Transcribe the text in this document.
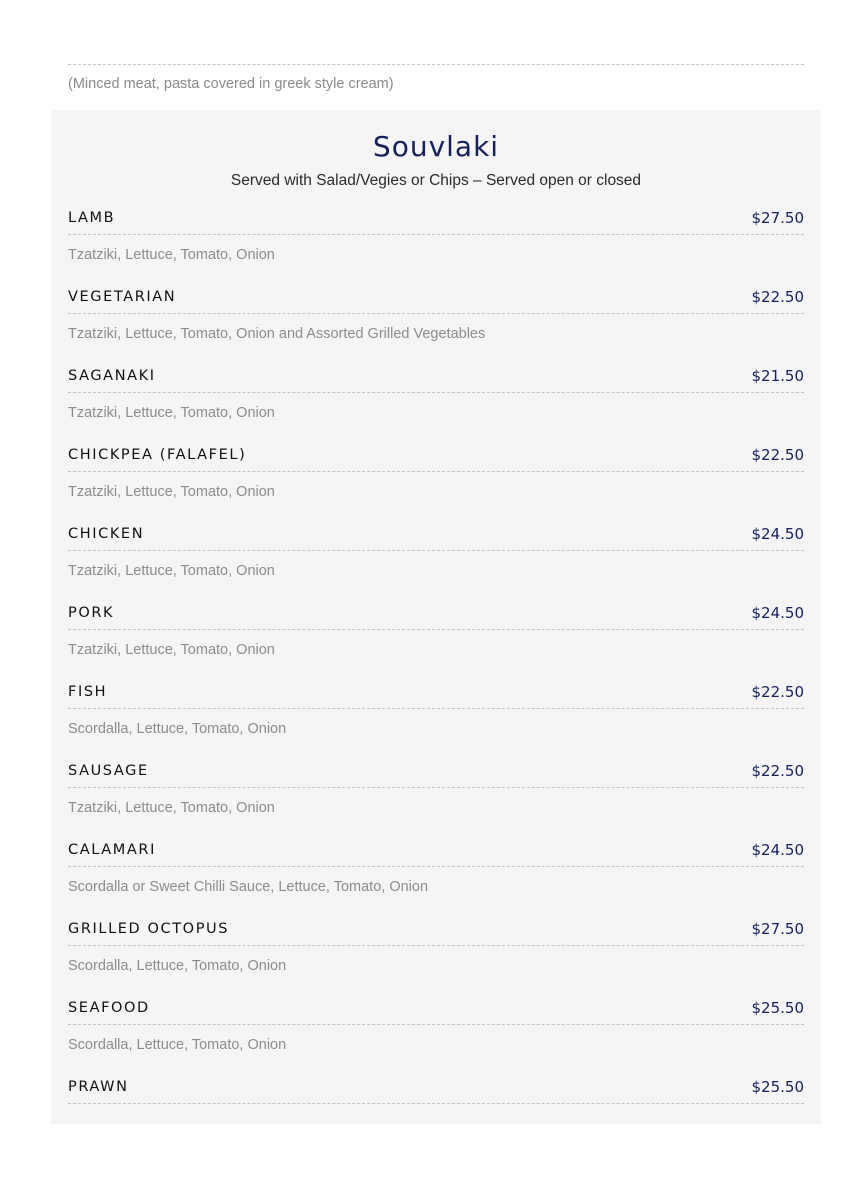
(Minced meat, pasta covered in greek style cream)
Souvlaki
Served with Salad/Vegies or Chips – Served open or closed
LAMB	$27.50
Tzatziki, Lettuce, Tomato, Onion
VEGETARIAN	$22.50
Tzatziki, Lettuce, Tomato, Onion and Assorted Grilled Vegetables
SAGANAKI	$21.50
Tzatziki, Lettuce, Tomato, Onion
CHICKPEA (FALAFEL)	$22.50
Tzatziki, Lettuce, Tomato, Onion
CHICKEN	$24.50
Tzatziki, Lettuce, Tomato, Onion
PORK	$24.50
Tzatziki, Lettuce, Tomato, Onion
FISH	$22.50
Scordalla, Lettuce, Tomato, Onion
SAUSAGE	$22.50
Tzatziki, Lettuce, Tomato, Onion
CALAMARI	$24.50
Scordalla or Sweet Chilli Sauce, Lettuce, Tomato, Onion
GRILLED OCTOPUS	$27.50
Scordalla, Lettuce, Tomato, Onion
SEAFOOD	$25.50
Scordalla, Lettuce, Tomato, Onion
PRAWN	$25.50
